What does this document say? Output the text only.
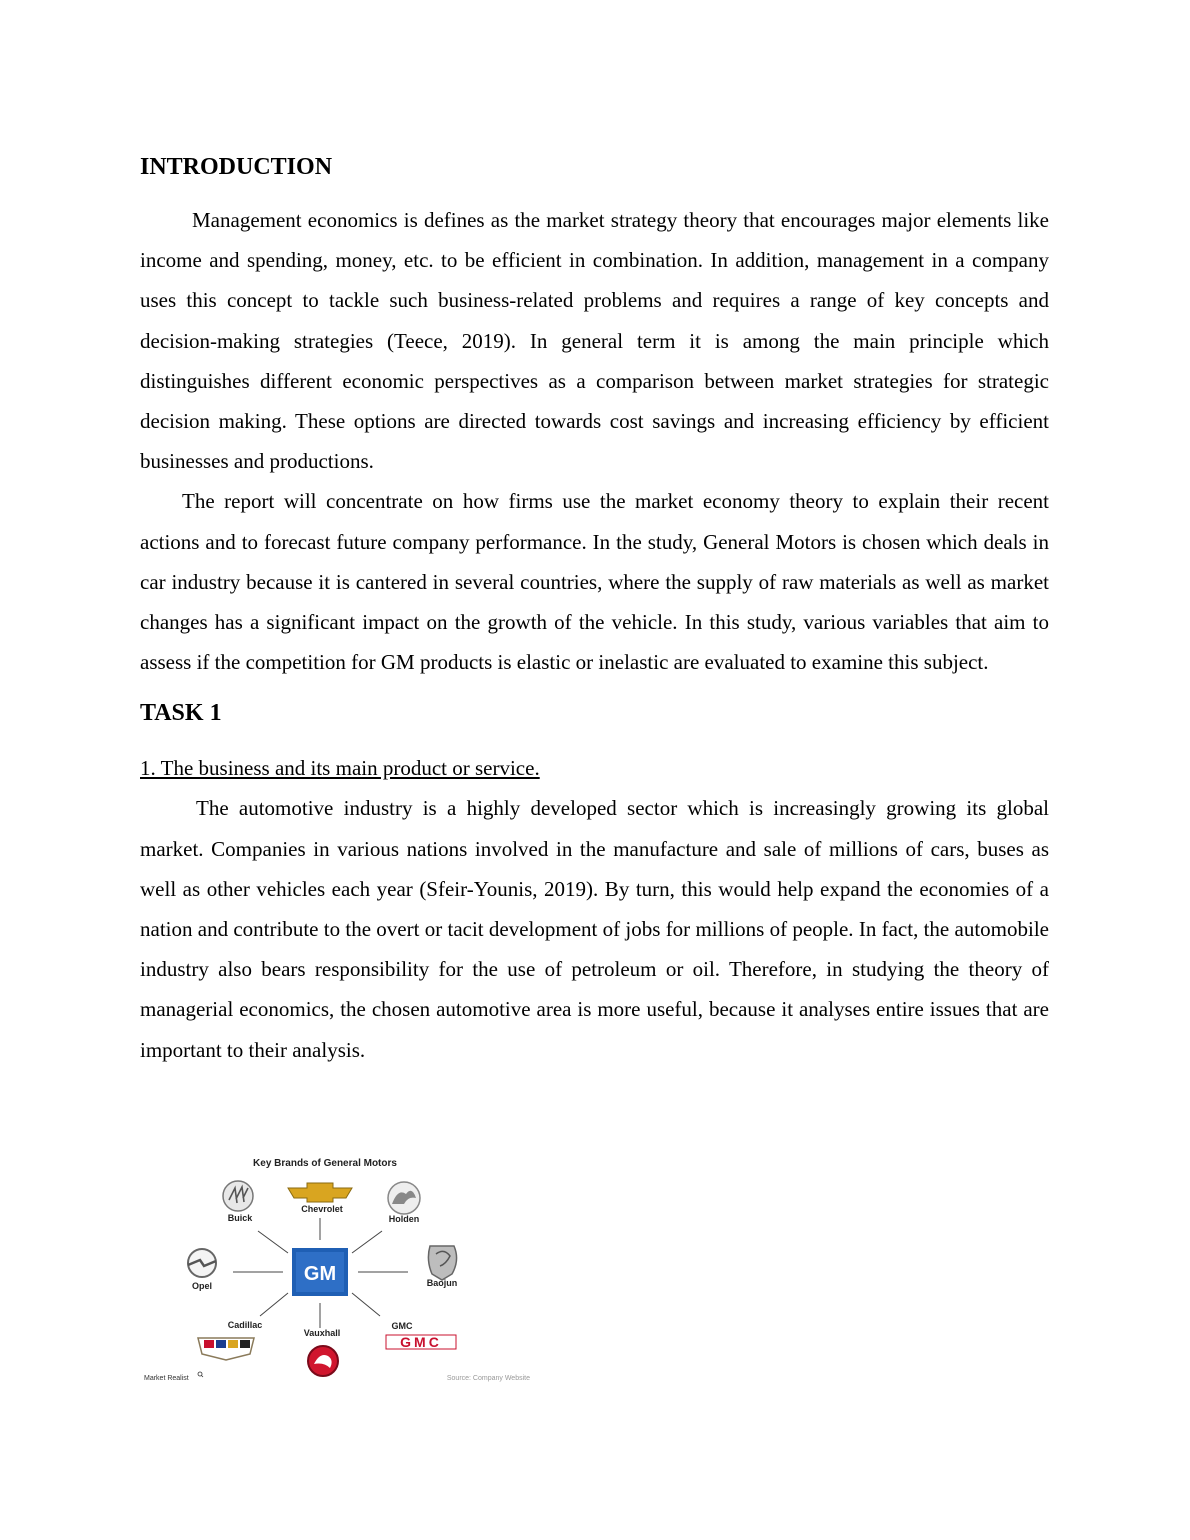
INTRODUCTION

Management economics is defines as the market strategy theory that encourages major elements like income and spending, money, etc. to be efficient in combination. In addition, management in a company uses this concept to tackle such business-related problems and requires a range of key concepts and decision-making strategies (Teece, 2019). In general term it is among the main principle which distinguishes different economic perspectives as a comparison between market strategies for strategic decision making. These options are directed towards cost savings and increasing efficiency by efficient businesses and productions.

The report will concentrate on how firms use the market economy theory to explain their recent actions and to forecast future company performance. In the study, General Motors is chosen which deals in car industry because it is cantered in several countries, where the supply of raw materials as well as market changes has a significant impact on the growth of the vehicle. In this study, various variables that aim to assess if the competition for GM products is elastic or inelastic are evaluated to examine this subject.

TASK 1

1. The business and its main product or service.

The automotive industry is a highly developed sector which is increasingly growing its global market. Companies in various nations involved in the manufacture and sale of millions of cars, buses as well as other vehicles each year (Sfeir-Younis, 2019). By turn, this would help expand the economies of a nation and contribute to the overt or tacit development of jobs for millions of people. In fact, the automobile industry also bears responsibility for the use of petroleum or oil. Therefore, in studying the theory of managerial economics, the chosen automotive area is more useful, because it analyses entire issues that are important to their analysis.

Key Brands of General Motors
GM
Buick
Chevrolet
Holden
Opel	Baojun
Cadillac
Vauxhall
GMC
GMC
Market Realist	Source: Company Website
